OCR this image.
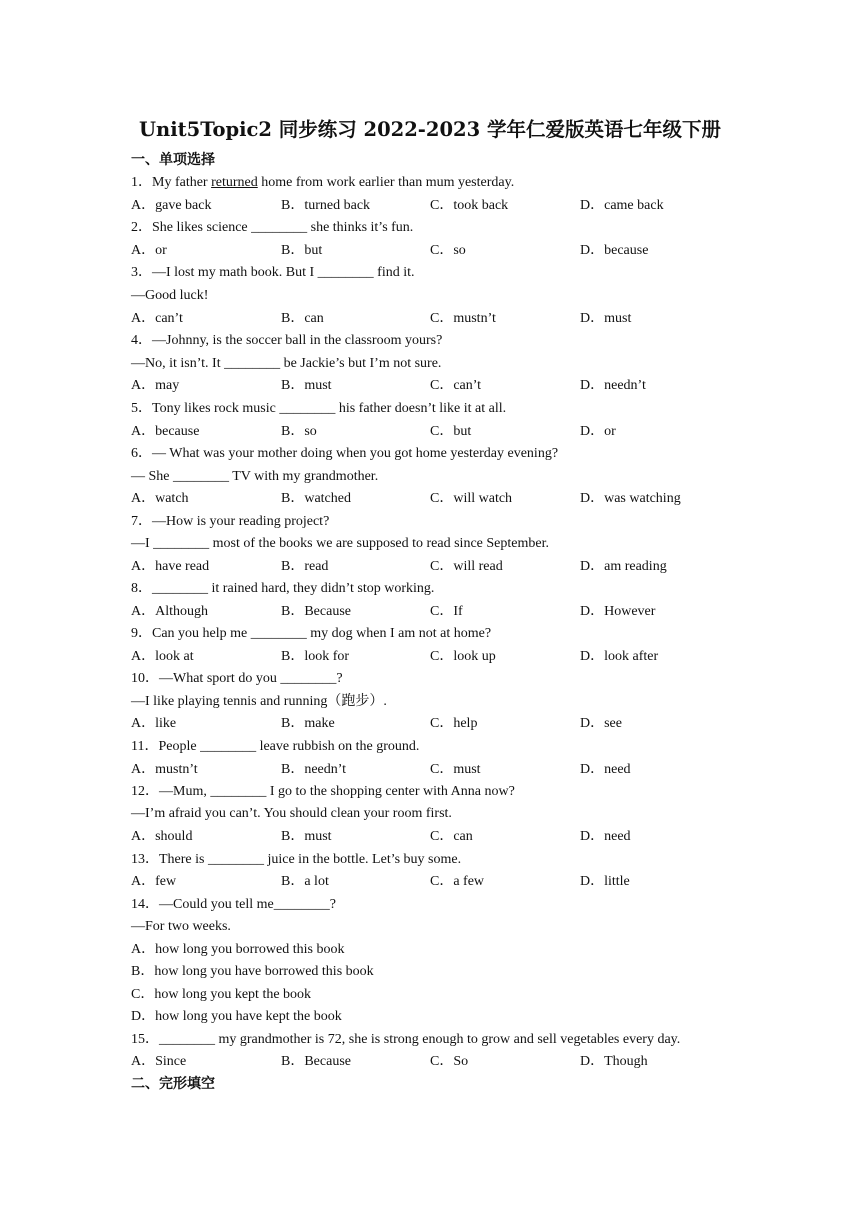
Unit5Topic2 同步练习 2022-2023 学年仁爱版英语七年级下册
一、单项选择
1．My father returned home from work earlier than mum yesterday.
A．gave back	B．turned back	C．took back	D．came back
2．She likes science ________ she thinks it’s fun.
A．or	B．but	C．so	D．because
3．—I lost my math book. But I ________ find it.
—Good luck!
A．can’t	B．can	C．mustn’t	D．must
4．—Johnny, is the soccer ball in the classroom yours?
—No, it isn’t. It ________ be Jackie’s but I’m not sure.
A．may	B．must	C．can’t	D．needn’t
5．Tony likes rock music ________ his father doesn’t like it at all.
A．because	B．so	C．but	D．or
6．— What was your mother doing when you got home yesterday evening?
— She ________ TV with my grandmother.
A．watch	B．watched	C．will watch	D．was watching
7．—How is your reading project?
—I ________ most of the books we are supposed to read since September.
A．have read	B．read	C．will read	D．am reading
8．________ it rained hard, they didn’t stop working.
A．Although	B．Because	C．If	D．However
9．Can you help me ________ my dog when I am not at home?
A．look at	B．look for	C．look up	D．look after
10．—What sport do you ________?
—I like playing tennis and running（跑步）.
A．like	B．make	C．help	D．see
11．People ________ leave rubbish on the ground.
A．mustn’t	B．needn’t	C．must	D．need
12．—Mum, ________ I go to the shopping center with Anna now?
—I’m afraid you can’t. You should clean your room first.
A．should	B．must	C．can	D．need
13．There is ________ juice in the bottle. Let’s buy some.
A．few	B．a lot	C．a few	D．little
14．—Could you tell me________?
—For two weeks.
A．how long you borrowed this book
B．how long you have borrowed this book
C．how long you kept the book
D．how long you have kept the book
15．________ my grandmother is 72, she is strong enough to grow and sell vegetables every day.
A．Since	B．Because	C．So	D．Though
二、完形填空
